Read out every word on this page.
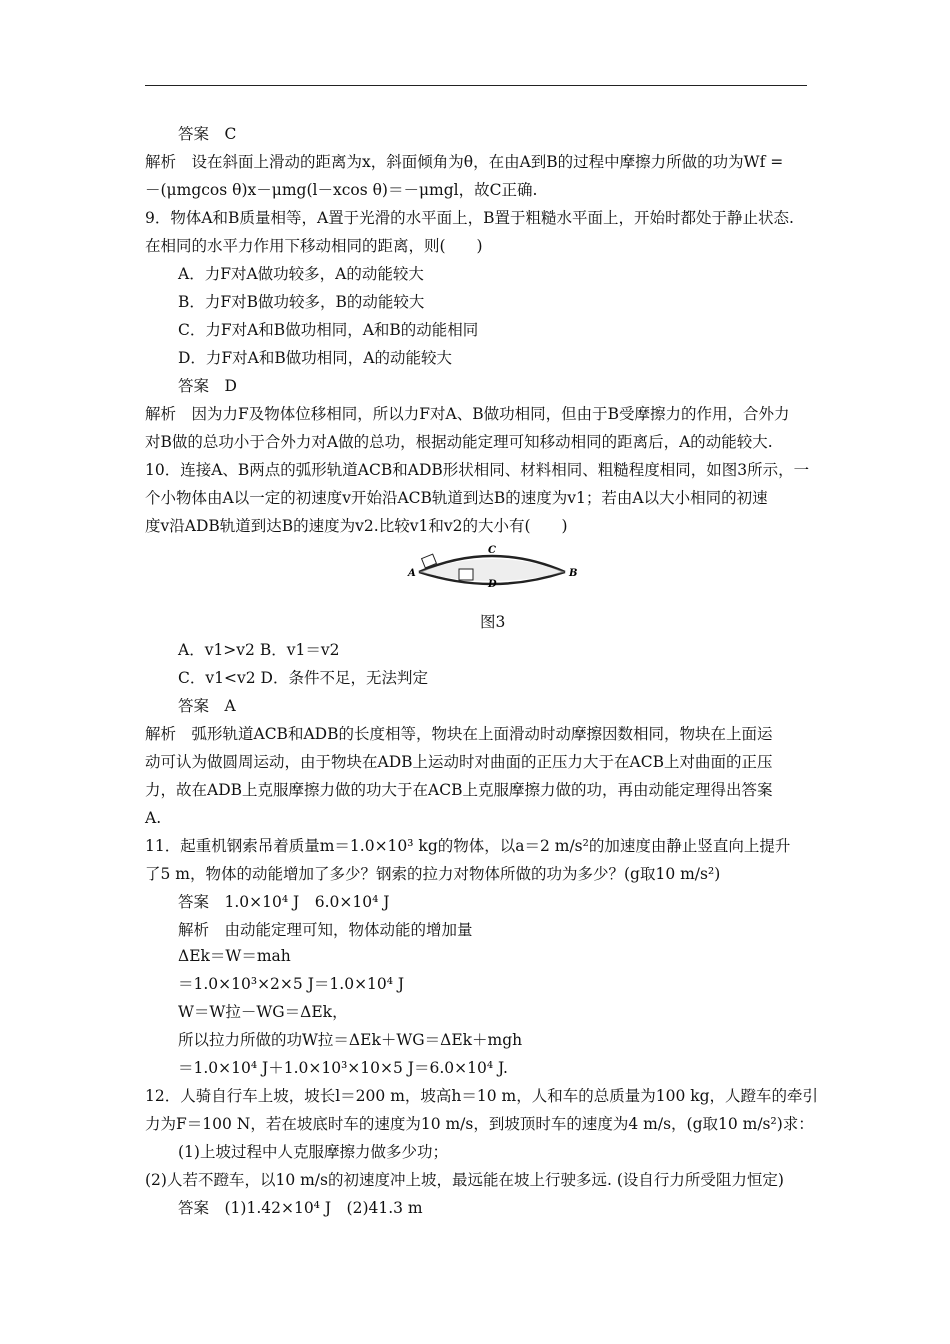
答案　C
解析　设在斜面上滑动的距离为x，斜面倾角为θ，在由A到B的过程中摩擦力所做的功为Wf =
－(μmgcos θ)x－μmg(l－xcos θ)＝－μmgl，故C正确.
9．物体A和B质量相等，A置于光滑的水平面上，B置于粗糙水平面上，开始时都处于静止状态.
在相同的水平力作用下移动相同的距离，则(　　)
A．力F对A做功较多，A的动能较大
B．力F对B做功较多，B的动能较大
C．力F对A和B做功相同，A和B的动能相同
D．力F对A和B做功相同，A的动能较大
答案　D
解析　因为力F及物体位移相同，所以力F对A、B做功相同，但由于B受摩擦力的作用，合外力
对B做的总功小于合外力对A做的总功，根据动能定理可知移动相同的距离后，A的动能较大.
10．连接A、B两点的弧形轨道ACB和ADB形状相同、材料相同、粗糙程度相同，如图3所示，一
个小物体由A以一定的初速度v开始沿ACB轨道到达B的速度为v1；若由A以大小相同的初速
度v沿ADB轨道到达B的速度为v2.比较v1和v2的大小有(　　)
A	B
C
D
图3
A．v1>v2 B．v1＝v2
C．v1<v2 D．条件不足，无法判定
答案　A
解析　弧形轨道ACB和ADB的长度相等，物块在上面滑动时动摩擦因数相同，物块在上面运
动可认为做圆周运动，由于物块在ADB上运动时对曲面的正压力大于在ACB上对曲面的正压
力，故在ADB上克服摩擦力做的功大于在ACB上克服摩擦力做的功，再由动能定理得出答案
A.
11．起重机钢索吊着质量m＝1.0×10³ kg的物体，以a＝2 m/s²的加速度由静止竖直向上提升
了5 m，物体的动能增加了多少？钢索的拉力对物体所做的功为多少？(g取10 m/s²)
答案　1.0×10⁴ J　6.0×10⁴ J
解析　由动能定理可知，物体动能的增加量
ΔEk＝W＝mah
＝1.0×10³×2×5 J＝1.0×10⁴ J
W＝W拉－WG＝ΔEk，
所以拉力所做的功W拉＝ΔEk＋WG＝ΔEk＋mgh
＝1.0×10⁴ J＋1.0×10³×10×5 J＝6.0×10⁴ J.
12．人骑自行车上坡，坡长l＝200 m，坡高h＝10 m，人和车的总质量为100 kg，人蹬车的牵引
力为F＝100 N，若在坡底时车的速度为10 m/s，到坡顶时车的速度为4 m/s，(g取10 m/s²)求：
(1)上坡过程中人克服摩擦力做多少功；
(2)人若不蹬车，以10 m/s的初速度冲上坡，最远能在坡上行驶多远. (设自行力所受阻力恒定)
答案　(1)1.42×10⁴ J　(2)41.3 m
